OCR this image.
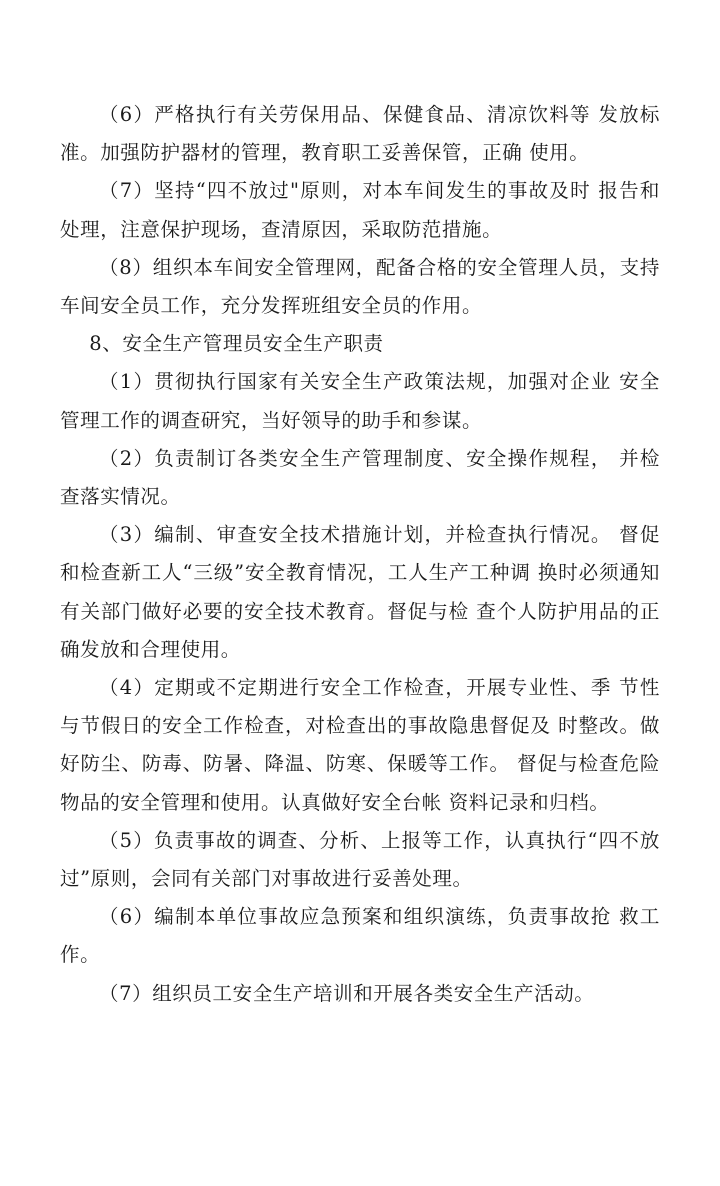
（6）严格执行有关劳保用品、保健食品、清凉饮料等 发放标准。加强防护器材的管理，教育职工妥善保管，正确 使用。

（7）坚持“四不放过"原则，对本车间发生的事故及时 报告和处理，注意保护现场，查清原因，采取防范措施。

（8）组织本车间安全管理网，配备合格的安全管理人员，支持车间安全员工作，充分发挥班组安全员的作用。

8、安全生产管理员安全生产职责

（1）贯彻执行国家有关安全生产政策法规，加强对企业 安全管理工作的调查研究，当好领导的助手和参谋。

（2）负责制订各类安全生产管理制度、安全操作规程， 并检查落实情况。

（3）编制、审查安全技术措施计划，并检查执行情况。 督促和检查新工人“三级”安全教育情况，工人生产工种调 换时必须通知有关部门做好必要的安全技术教育。督促与检 查个人防护用品的正确发放和合理使用。

（4）定期或不定期进行安全工作检查，开展专业性、季 节性与节假日的安全工作检查，对检查出的事故隐患督促及 时整改。做好防尘、防毒、防暑、降温、防寒、保暖等工作。 督促与检查危险物品的安全管理和使用。认真做好安全台帐 资料记录和归档。

（5）负责事故的调查、分析、上报等工作，认真执行“四不放过”原则，会同有关部门对事故进行妥善处理。

（6）编制本单位事故应急预案和组织演练，负责事故抢 救工作。

（7）组织员工安全生产培训和开展各类安全生产活动。
